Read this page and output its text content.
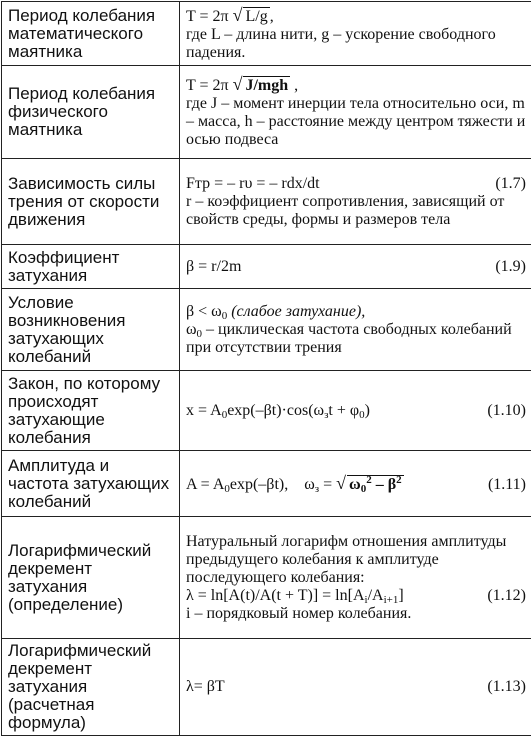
Период колебания математического маятника	T = 2π √ L/g ,
где L – длина нити, g – ускорение свободного падения.

Период колебания физического маятника	T = 2π √ J/mgh ,
где J – момент инерции тела относительно оси, m – масса, h – расстояние между центром тяжести и осью подвеса

Зависимость силы трения от скорости движения	Fтр = – rυ = – rdx/dt (1.7)
r – коэффициент сопротивления, зависящий от свойств среды, формы и размеров тела

Коэффициент затухания	β = r/2m (1.9)

Условие возникновения затухающих колебаний	$\beta < \omega_0$ (слабое затухание),
$\omega_0$ – циклическая частота свободных колебаний при отсутствии трения

Закон, по которому происходят затухающие колебания	$x = A_0\exp(-\beta t)\cdot\cos(\omega_зt + \varphi_0)$ (1.10)

Амплитуда и частота затухающих колебаний	$A = A_0\exp(-\beta t)$, $\omega_з$ = √ $\omega_0^2 - \beta^2$ (1.11)

Логарифмический декремент затухания (определение)	Натуральный логарифм отношения амплитуды предыдущего колебания к амплитуде последующего колебания:
$\lambda = \ln[A(t)/A(t + T)] = \ln[A_i/A_{i+1}]$ (1.12)
i – порядковый номер колебания.

Логарифмический декремент затухания (расчетная формула)	λ= βT (1.13)
